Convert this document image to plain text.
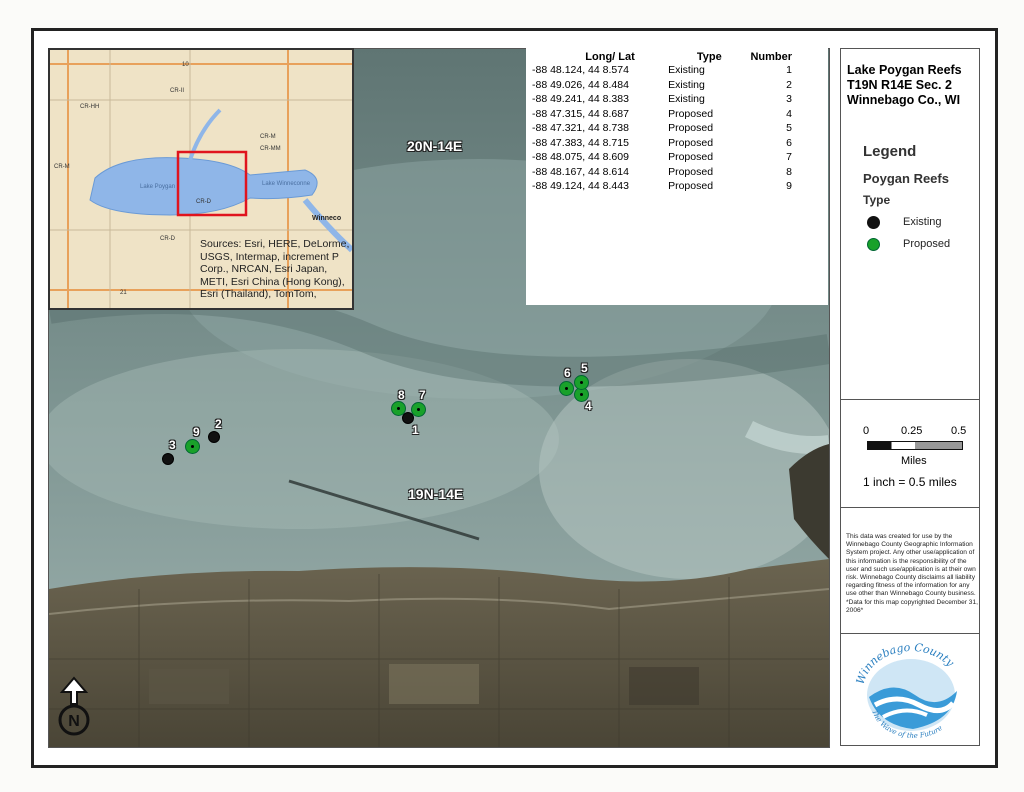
10
CR-II
CR-HH
CR-M
CR-MM
CR-D
CR-D
21
CR-M
Winneco
Lake Poygan	Lake Winneconne
Sources: Esri, HERE, DeLorme, USGS, Intermap, increment P Corp., NRCAN, Esri Japan, METI, Esri China (Hong Kong), Esri (Thailand), TomTom,
Long/ Lat	Type	Number
-88 48.124, 44 8.574	Existing	1
-88 49.026, 44 8.484	Existing	2
-88 49.241, 44 8.383	Existing	3
-88 47.315, 44 8.687	Proposed	4
-88 47.321, 44 8.738	Proposed	5
-88 47.383, 44 8.715	Proposed	6
-88 48.075, 44 8.609	Proposed	7
-88 48.167, 44 8.614	Proposed	8
-88 49.124, 44 8.443	Proposed	9
20N-14E
19N-14E
1
2
3
4
5
6
7
8
9
N
Lake Poygan Reefs
T19N R14E Sec. 2
Winnebago Co., WI
Legend
Poygan Reefs
Type
Existing
Proposed
0	0.25	0.5
Miles
1 inch = 0.5 miles
This data was created for use by the Winnebago County Geographic Information System project. Any other use/application of this information is the responsibility of the user and such use/application is at their own risk. Winnebago County disclaims all liability regarding fitness of the information for any use other than Winnebago County business. *Data for this map copyrighted December 31, 2006*
Winnebago County
The Wave of the Future
